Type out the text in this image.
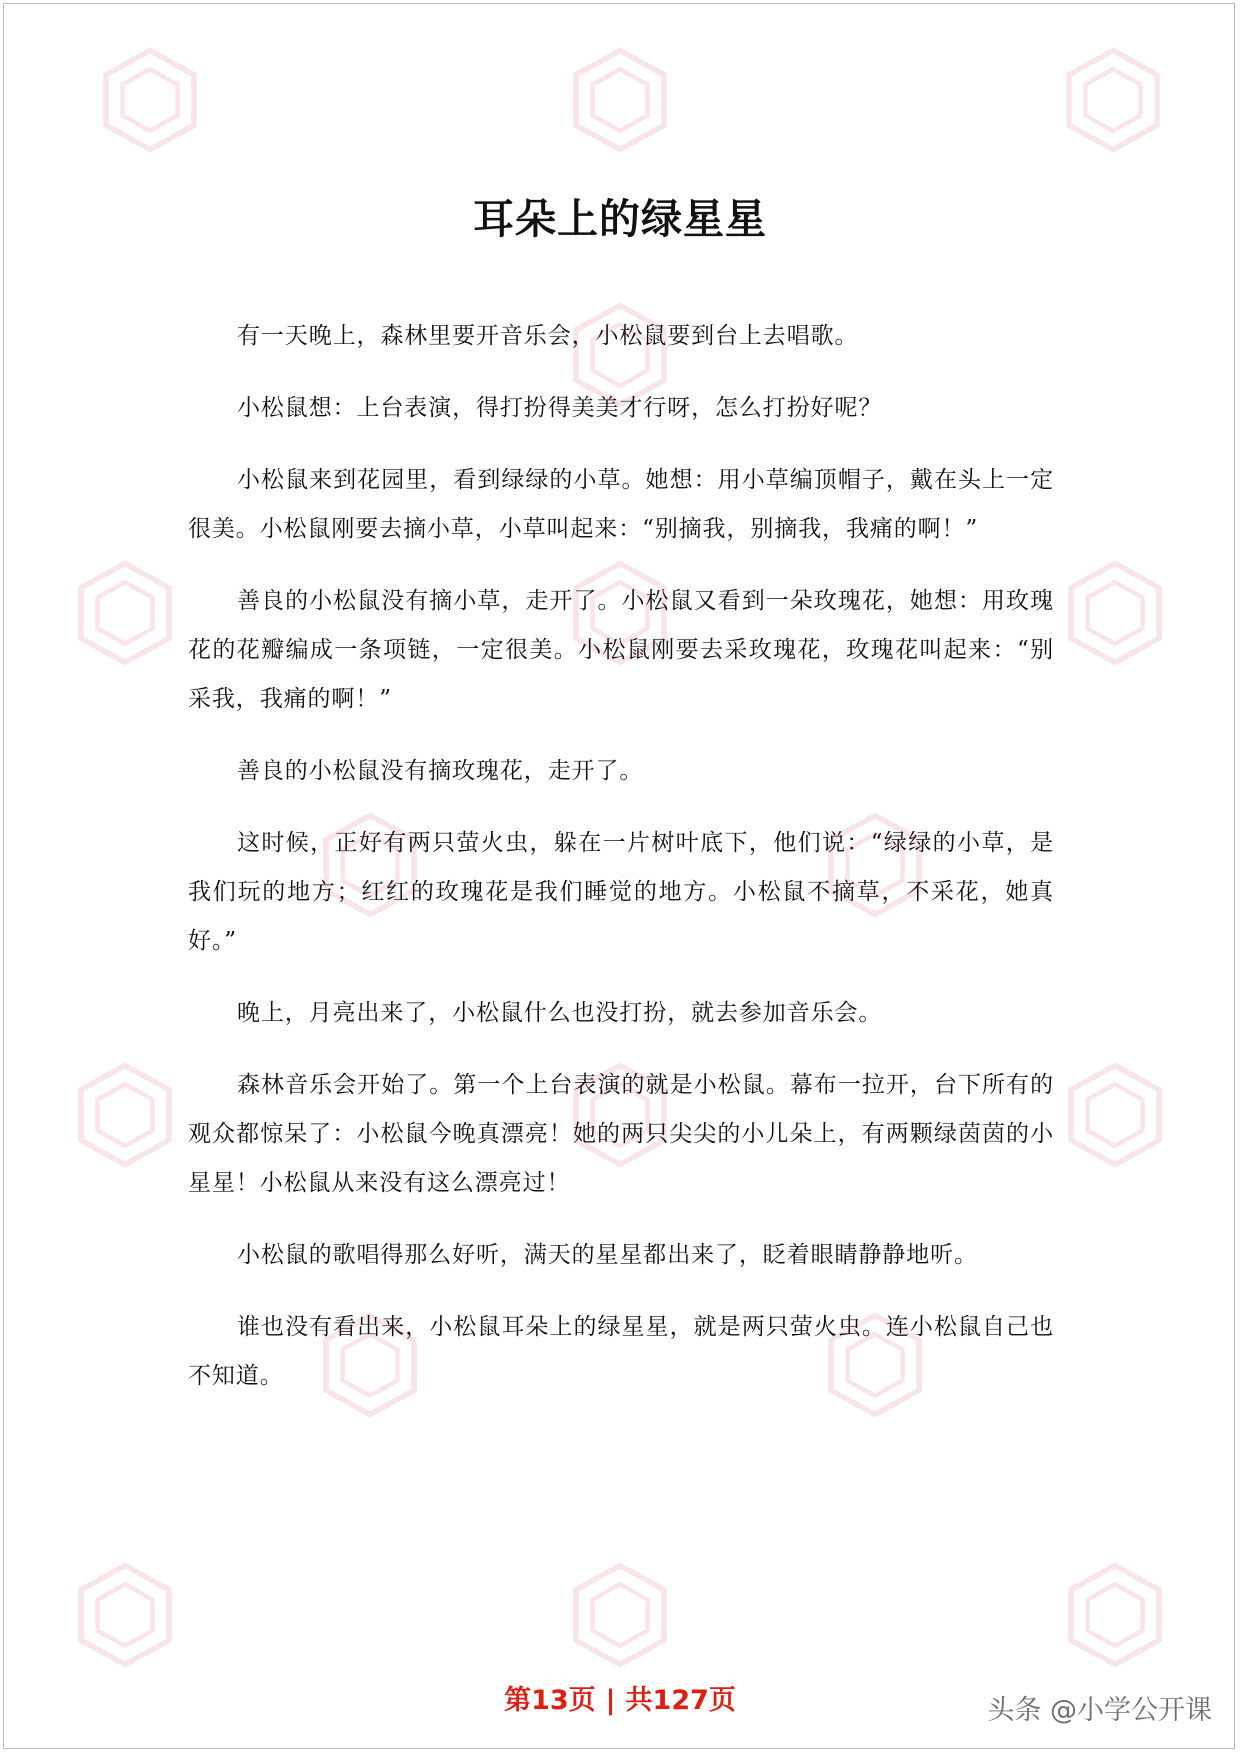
耳朵上的绿星星

有一天晚上，森林里要开音乐会，小松鼠要到台上去唱歌。

小松鼠想：上台表演，得打扮得美美才行呀，怎么打扮好呢？

小松鼠来到花园里，看到绿绿的小草。她想：用小草编顶帽子，戴在头上一定很美。小松鼠刚要去摘小草，小草叫起来：“别摘我，别摘我，我痛的啊！”

善良的小松鼠没有摘小草，走开了。小松鼠又看到一朵玫瑰花，她想：用玫瑰花的花瓣编成一条项链，一定很美。小松鼠刚要去采玫瑰花，玫瑰花叫起来：“别采我，我痛的啊！”

善良的小松鼠没有摘玫瑰花，走开了。

这时候，正好有两只萤火虫，躲在一片树叶底下，他们说：“绿绿的小草，是我们玩的地方；红红的玫瑰花是我们睡觉的地方。小松鼠不摘草，不采花，她真好。”

晚上，月亮出来了，小松鼠什么也没打扮，就去参加音乐会。

森林音乐会开始了。第一个上台表演的就是小松鼠。幕布一拉开，台下所有的观众都惊呆了：小松鼠今晚真漂亮！她的两只尖尖的小儿朵上，有两颗绿茵茵的小星星！小松鼠从来没有这么漂亮过！

小松鼠的歌唱得那么好听，满天的星星都出来了，眨着眼睛静静地听。

谁也没有看出来，小松鼠耳朵上的绿星星，就是两只萤火虫。连小松鼠自己也不知道。

第13页 | 共127页	头条 @小学公开课
